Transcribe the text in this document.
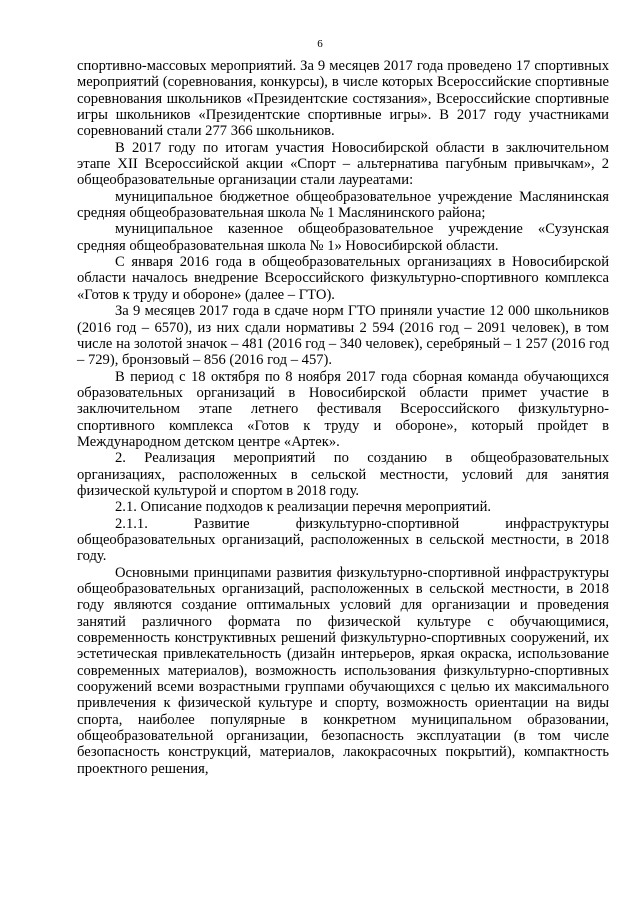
6

спортивно-массовых мероприятий. За 9 месяцев 2017 года проведено 17 спортивных мероприятий (соревнования, конкурсы), в числе которых Всероссийские спортивные соревнования школьников «Президентские состязания», Всероссийские спортивные игры школьников «Президентские спортивные игры». В 2017 году участниками соревнований стали 277 366 школьников.

В 2017 году по итогам участия Новосибирской области в заключительном этапе XII Всероссийской акции «Спорт – альтернатива пагубным привычкам», 2 общеобразовательные организации стали лауреатами:

муниципальное бюджетное общеобразовательное учреждение Маслянинская средняя общеобразовательная школа № 1 Маслянинского района;

муниципальное казенное общеобразовательное учреждение «Сузунская средняя общеобразовательная школа № 1» Новосибирской области.

С января 2016 года в общеобразовательных организациях в Новосибирской области началось внедрение Всероссийского физкультурно-спортивного комплекса «Готов к труду и обороне» (далее – ГТО).

За 9 месяцев 2017 года в сдаче норм ГТО приняли участие 12 000 школьников (2016 год – 6570), из них сдали нормативы 2 594 (2016 год – 2091 человек), в том числе на золотой значок – 481 (2016 год – 340 человек), серебряный – 1 257 (2016 год – 729), бронзовый – 856 (2016 год – 457).

В период с 18 октября по 8 ноября 2017 года сборная команда обучающихся образовательных организаций в Новосибирской области примет участие в заключительном этапе летнего фестиваля Всероссийского физкультурно-спортивного комплекса «Готов к труду и обороне», который пройдет в Международном детском центре «Артек».

2. Реализация мероприятий по созданию в общеобразовательных организациях, расположенных в сельской местности, условий для занятия физической культурой и спортом в 2018 году.

2.1. Описание подходов к реализации перечня мероприятий.

2.1.1. Развитие физкультурно-спортивной инфраструктуры общеобразовательных организаций, расположенных в сельской местности, в 2018 году.

Основными принципами развития физкультурно-спортивной инфраструктуры общеобразовательных организаций, расположенных в сельской местности, в 2018 году являются создание оптимальных условий для организации и проведения занятий различного формата по физической культуре с обучающимися, современность конструктивных решений физкультурно-спортивных сооружений, их эстетическая привлекательность (дизайн интерьеров, яркая окраска, использование современных материалов), возможность использования физкультурно-спортивных сооружений всеми возрастными группами обучающихся с целью их максимального привлечения к физической культуре и спорту, возможность ориентации на виды спорта, наиболее популярные в конкретном муниципальном образовании, общеобразовательной организации, безопасность эксплуатации (в том числе безопасность конструкций, материалов, лакокрасочных покрытий), компактность проектного решения,
